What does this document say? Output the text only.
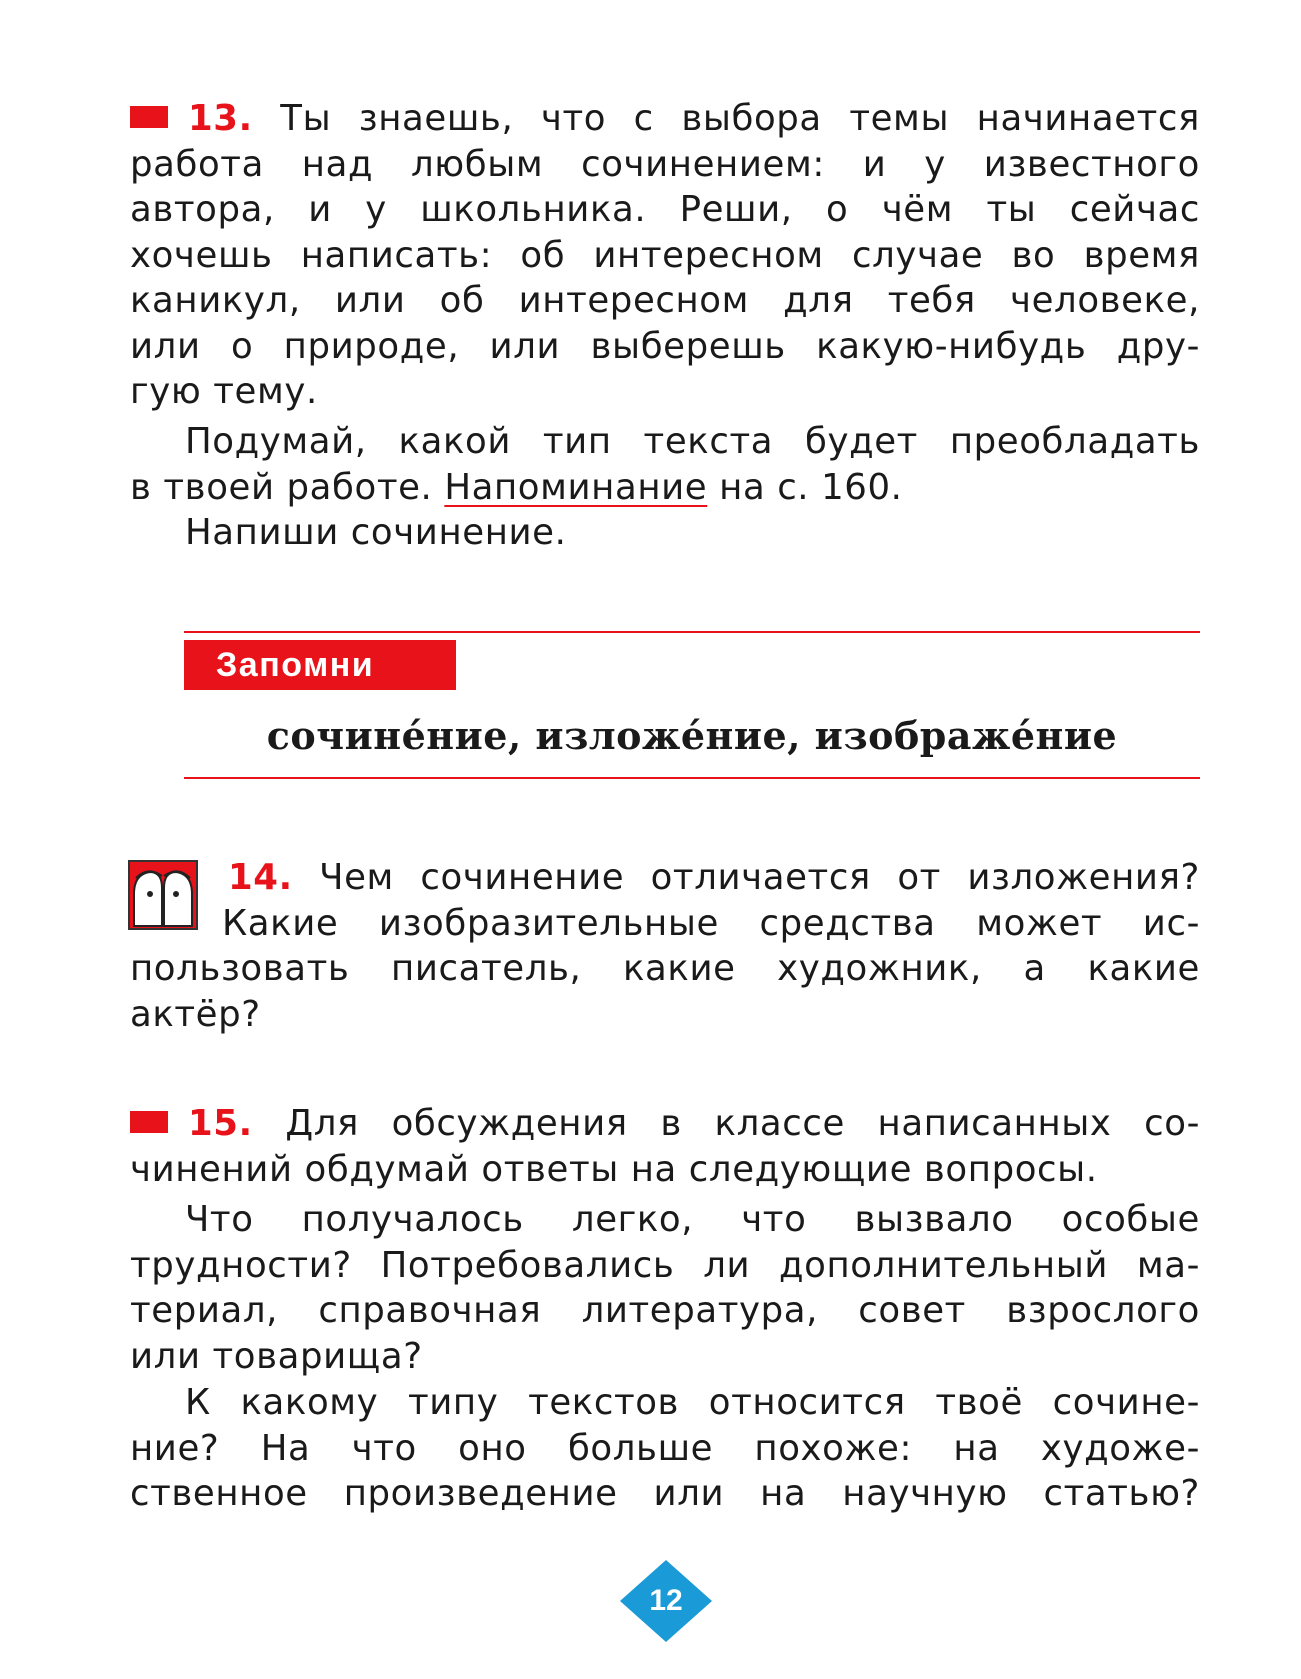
13. Ты знаешь, что с выбора темы начинается
работа над любым сочинением: и у известного
автора, и у школьника. Реши, о чём ты сейчас
хочешь написать: об интересном случае во время
каникул, или об интересном для тебя человеке,
или о природе, или выберешь какую-нибудь дру-
гую тему.
Подумай, какой тип текста будет преобладать
в твоей работе. Напоминание на с. 160.
Напиши сочинение.
Запомни
сочине́ние, изложе́ние, изображе́ние
14. Чем сочинение отличается от изложения?
Какие изобразительные средства может ис-
пользовать писатель, какие художник, а какие
актёр?
15. Для обсуждения в классе написанных со-
чинений обдумай ответы на следующие вопросы.
Что получалось легко, что вызвало особые
трудности? Потребовались ли дополнительный ма-
териал, справочная литература, совет взрослого
или товарища?
К какому типу текстов относится твоё сочине-
ние? На что оно больше похоже: на художе-
ственное произведение или на научную статью?
12
